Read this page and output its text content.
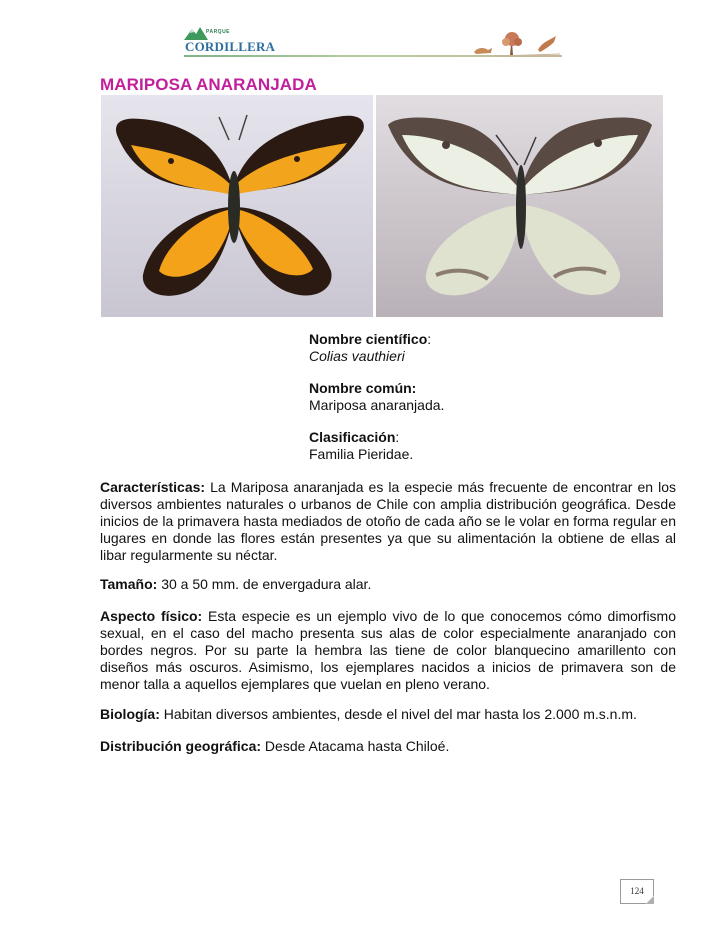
PARQUE
CORDILLERA
MARIPOSA ANARANJADA
Nombre científico:
Colias vauthieri
Nombre común:
Mariposa anaranjada.
Clasificación:
Familia Pieridae.

Características: La Mariposa anaranjada es la especie más frecuente de encontrar en los diversos ambientes naturales o urbanos de Chile con amplia distribución geográfica. Desde inicios de la primavera hasta mediados de otoño de cada año se le volar en forma regular en lugares en donde las flores están presentes ya que su alimentación la obtiene de ellas al libar regularmente su néctar.

Tamaño: 30 a 50 mm. de envergadura alar.

Aspecto físico: Esta especie es un ejemplo vivo de lo que conocemos cómo dimorfismo sexual, en el caso del macho presenta sus alas de color especialmente anaranjado con bordes negros. Por su parte la hembra las tiene de color blanquecino amarillento con diseños más oscuros. Asimismo, los ejemplares nacidos a inicios de primavera son de menor talla a aquellos ejemplares que vuelan en pleno verano.

Biología: Habitan diversos ambientes, desde el nivel del mar hasta los 2.000 m.s.n.m.

Distribución geográfica: Desde Atacama hasta Chiloé.

124
